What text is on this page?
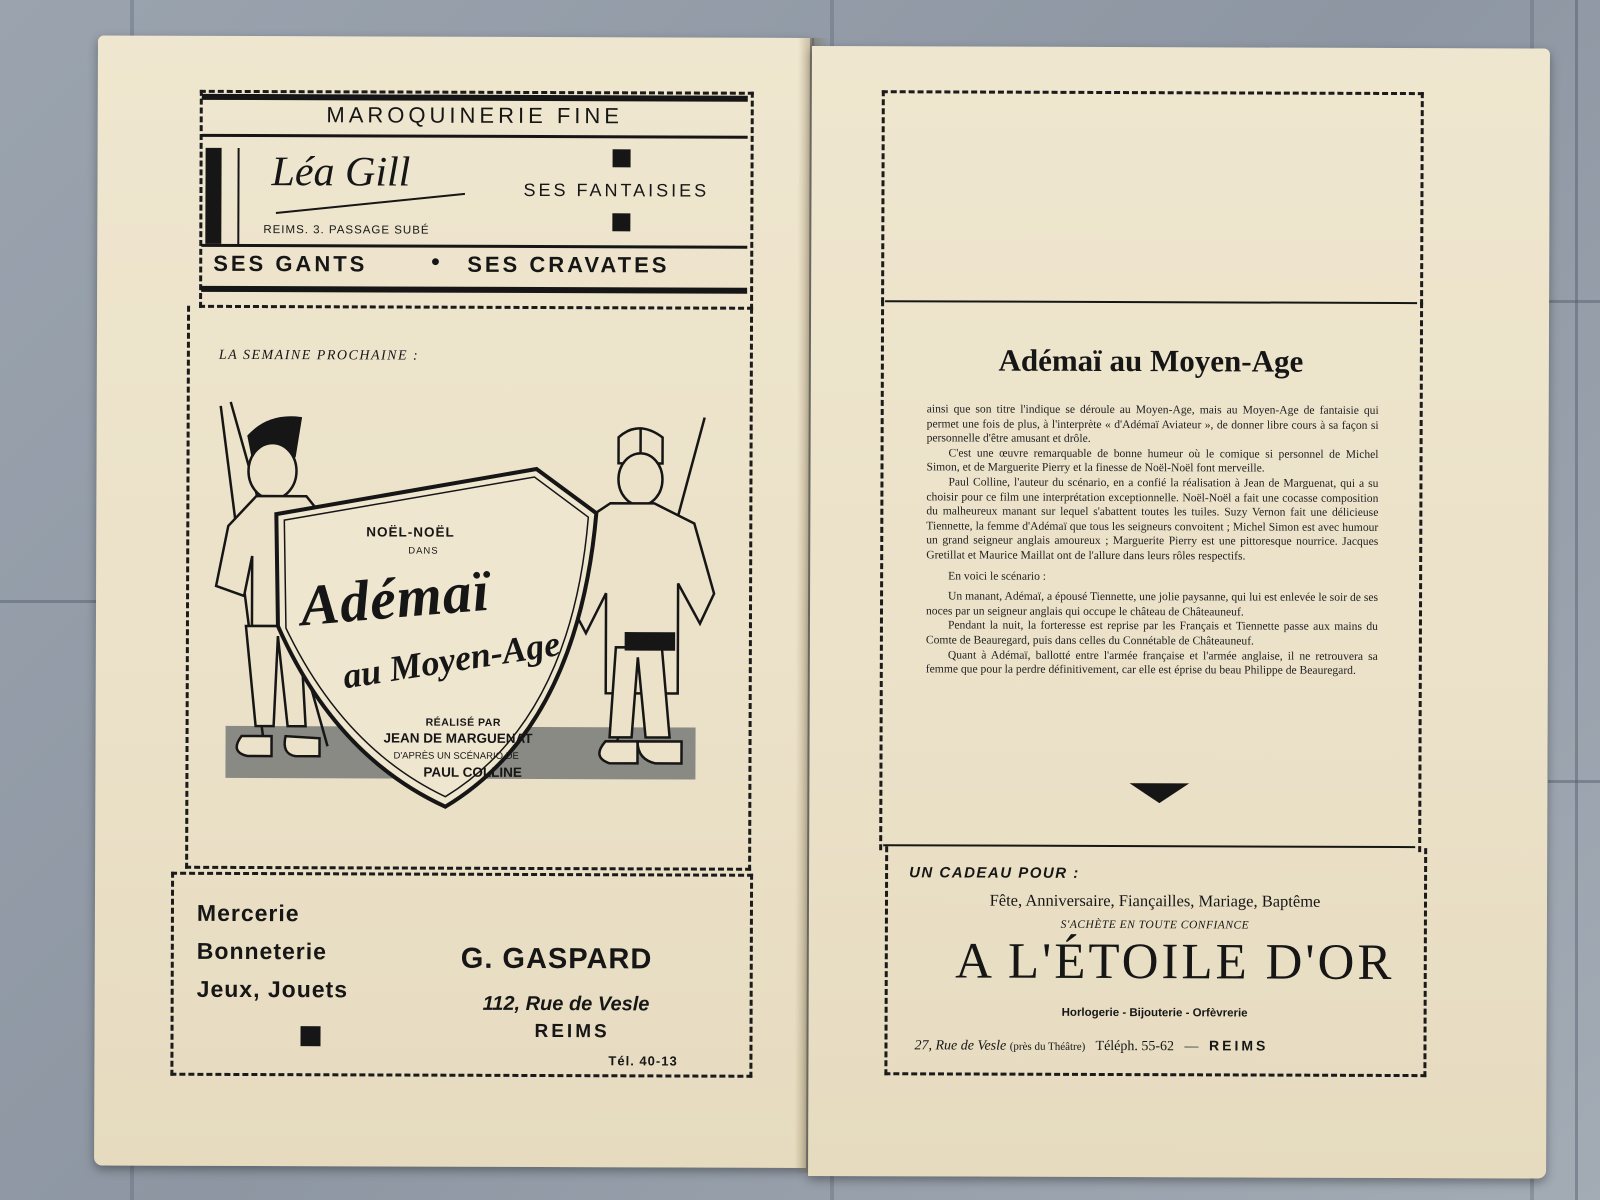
MAROQUINERIE FINE
Léa Gill
REIMS. 3. PASSAGE SUBÉ
SES FANTAISIES
SES GANTS	• SES CRAVATES
LA SEMAINE PROCHAINE :
NOËL-NOËL
DANS
Adémaï
au Moyen-Age
RÉALISÉ PAR
JEAN DE MARGUENAT
D'APRÈS UN SCÉNARIO DE
PAUL COLLINE
Mercerie
Bonneterie
Jeux, Jouets
G. GASPARD
112, Rue de Vesle
REIMS
Tél. 40-13
Adémaï au Moyen-Age

ainsi que son titre l'indique se déroule au Moyen-Age, mais au Moyen-Age de fantaisie qui permet une fois de plus, à l'interprète « d'Adémaï Aviateur », de donner libre cours à sa façon si personnelle d'être amusant et drôle.

C'est une œuvre remarquable de bonne humeur où le comique si personnel de Michel Simon, et de Marguerite Pierry et la finesse de Noël-Noël font merveille.

Paul Colline, l'auteur du scénario, en a confié la réalisation à Jean de Marguenat, qui a su choisir pour ce film une interprétation exceptionnelle. Noël-Noël a fait une cocasse composition du malheureux manant sur lequel s'abattent toutes les tuiles. Suzy Vernon fait une délicieuse Tiennette, la femme d'Adémaï que tous les seigneurs convoitent ; Michel Simon est avec humour un grand seigneur anglais amoureux ; Marguerite Pierry est une pittoresque nourrice. Jacques Gretillat et Maurice Maillat ont de l'allure dans leurs rôles respectifs.

En voici le scénario :

Un manant, Adémaï, a épousé Tiennette, une jolie paysanne, qui lui est enlevée le soir de ses noces par un seigneur anglais qui occupe le château de Châteauneuf.

Pendant la nuit, la forteresse est reprise par les Français et Tiennette passe aux mains du Comte de Beauregard, puis dans celles du Connétable de Châteauneuf.

Quant à Adémaï, ballotté entre l'armée française et l'armée anglaise, il ne retrouvera sa femme que pour la perdre définitivement, car elle est éprise du beau Philippe de Beauregard.

UN CADEAU POUR :
Fête, Anniversaire, Fiançailles, Mariage, Baptême
S'ACHÈTE EN TOUTE CONFIANCE
A L'ÉTOILE D'OR
Horlogerie - Bijouterie - Orfèvrerie
27, Rue de Vesle (près du Théâtre) Téléph. 55-62 — REIMS
